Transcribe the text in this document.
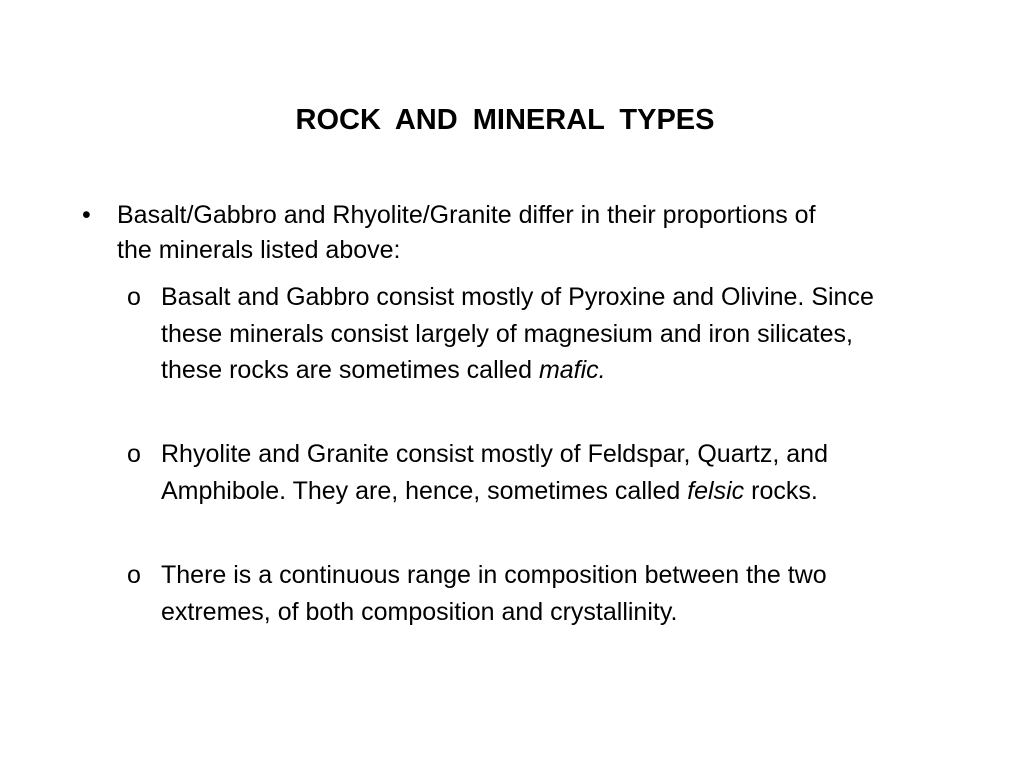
ROCK AND MINERAL TYPES
•	Basalt/Gabbro and Rhyolite/Granite differ in their proportions of the minerals listed above:
o Basalt and Gabbro consist mostly of Pyroxine and Olivine. Since these minerals consist largely of magnesium and iron silicates, these rocks are sometimes called mafic.
o Rhyolite and Granite consist mostly of Feldspar, Quartz, and Amphibole. They are, hence, sometimes called felsic rocks.
o There is a continuous range in composition between the two extremes, of both composition and crystallinity.
